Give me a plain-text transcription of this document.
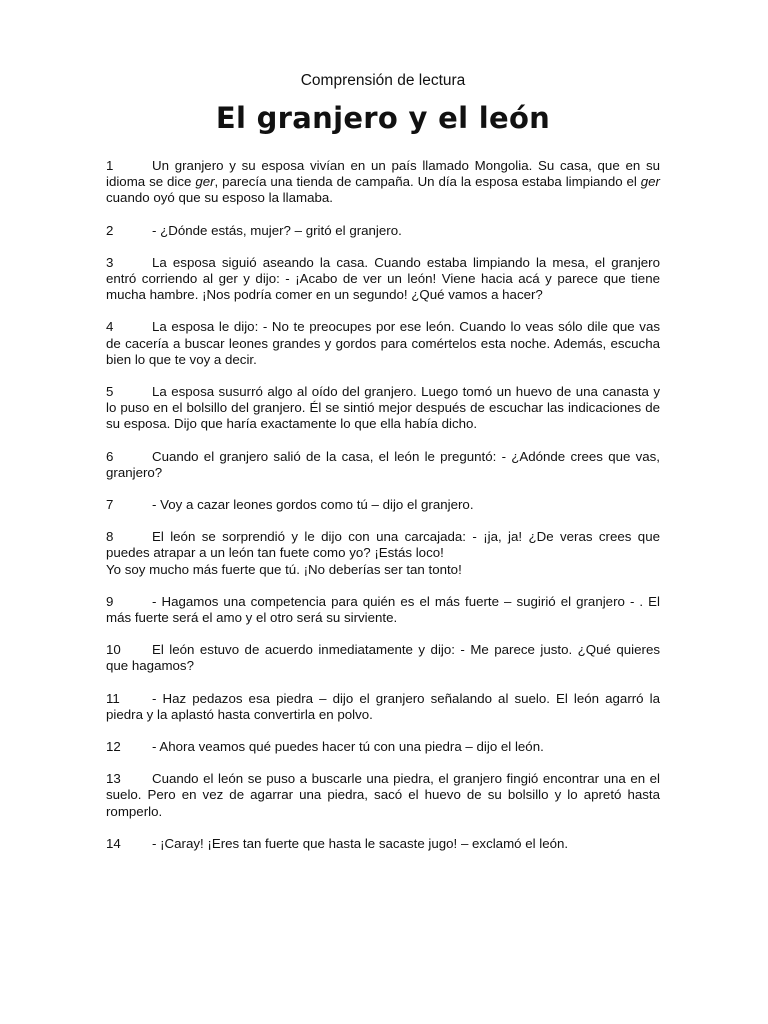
Comprensión de lectura

El granjero y el león

1	Un granjero y su esposa vivían en un país llamado Mongolia. Su casa, que en su idioma se dice ger, parecía una tienda de campaña. Un día la esposa estaba limpiando el ger cuando oyó que su esposo la llamaba.

2	- ¿Dónde estás, mujer? – gritó el granjero.

3	La esposa siguió aseando la casa. Cuando estaba limpiando la mesa, el granjero entró corriendo al ger y dijo: - ¡Acabo de ver un león! Viene hacia acá y parece que tiene mucha hambre. ¡Nos podría comer en un segundo! ¿Qué vamos a hacer?

4	La esposa le dijo: - No te preocupes por ese león. Cuando lo veas sólo dile que vas de cacería a buscar leones grandes y gordos para comértelos esta noche. Además, escucha bien lo que te voy a decir.

5	La esposa susurró algo al oído del granjero. Luego tomó un huevo de una canasta y lo puso en el bolsillo del granjero. Él se sintió mejor después de escuchar las indicaciones de su esposa. Dijo que haría exactamente lo que ella había dicho.

6	Cuando el granjero salió de la casa, el león le preguntó: - ¿Adónde crees que vas, granjero?

7	- Voy a cazar leones gordos como tú – dijo el granjero.

8	El león se sorprendió y le dijo con una carcajada: - ¡ja, ja! ¿De veras crees que puedes atrapar a un león tan fuete como yo? ¡Estás loco!
Yo soy mucho más fuerte que tú. ¡No deberías ser tan tonto!

9	- Hagamos una competencia para quién es el más fuerte – sugirió el granjero - . El más fuerte será el amo y el otro será su sirviente.

10 El león estuvo de acuerdo inmediatamente y dijo: - Me parece justo. ¿Qué quieres que hagamos?

11 - Haz pedazos esa piedra – dijo el granjero señalando al suelo. El león agarró la piedra y la aplastó hasta convertirla en polvo.

12 - Ahora veamos qué puedes hacer tú con una piedra – dijo el león.

13 Cuando el león se puso a buscarle una piedra, el granjero fingió encontrar una en el suelo. Pero en vez de agarrar una piedra, sacó el huevo de su bolsillo y lo apretó hasta romperlo.

14 - ¡Caray! ¡Eres tan fuerte que hasta le sacaste jugo! – exclamó el león.
